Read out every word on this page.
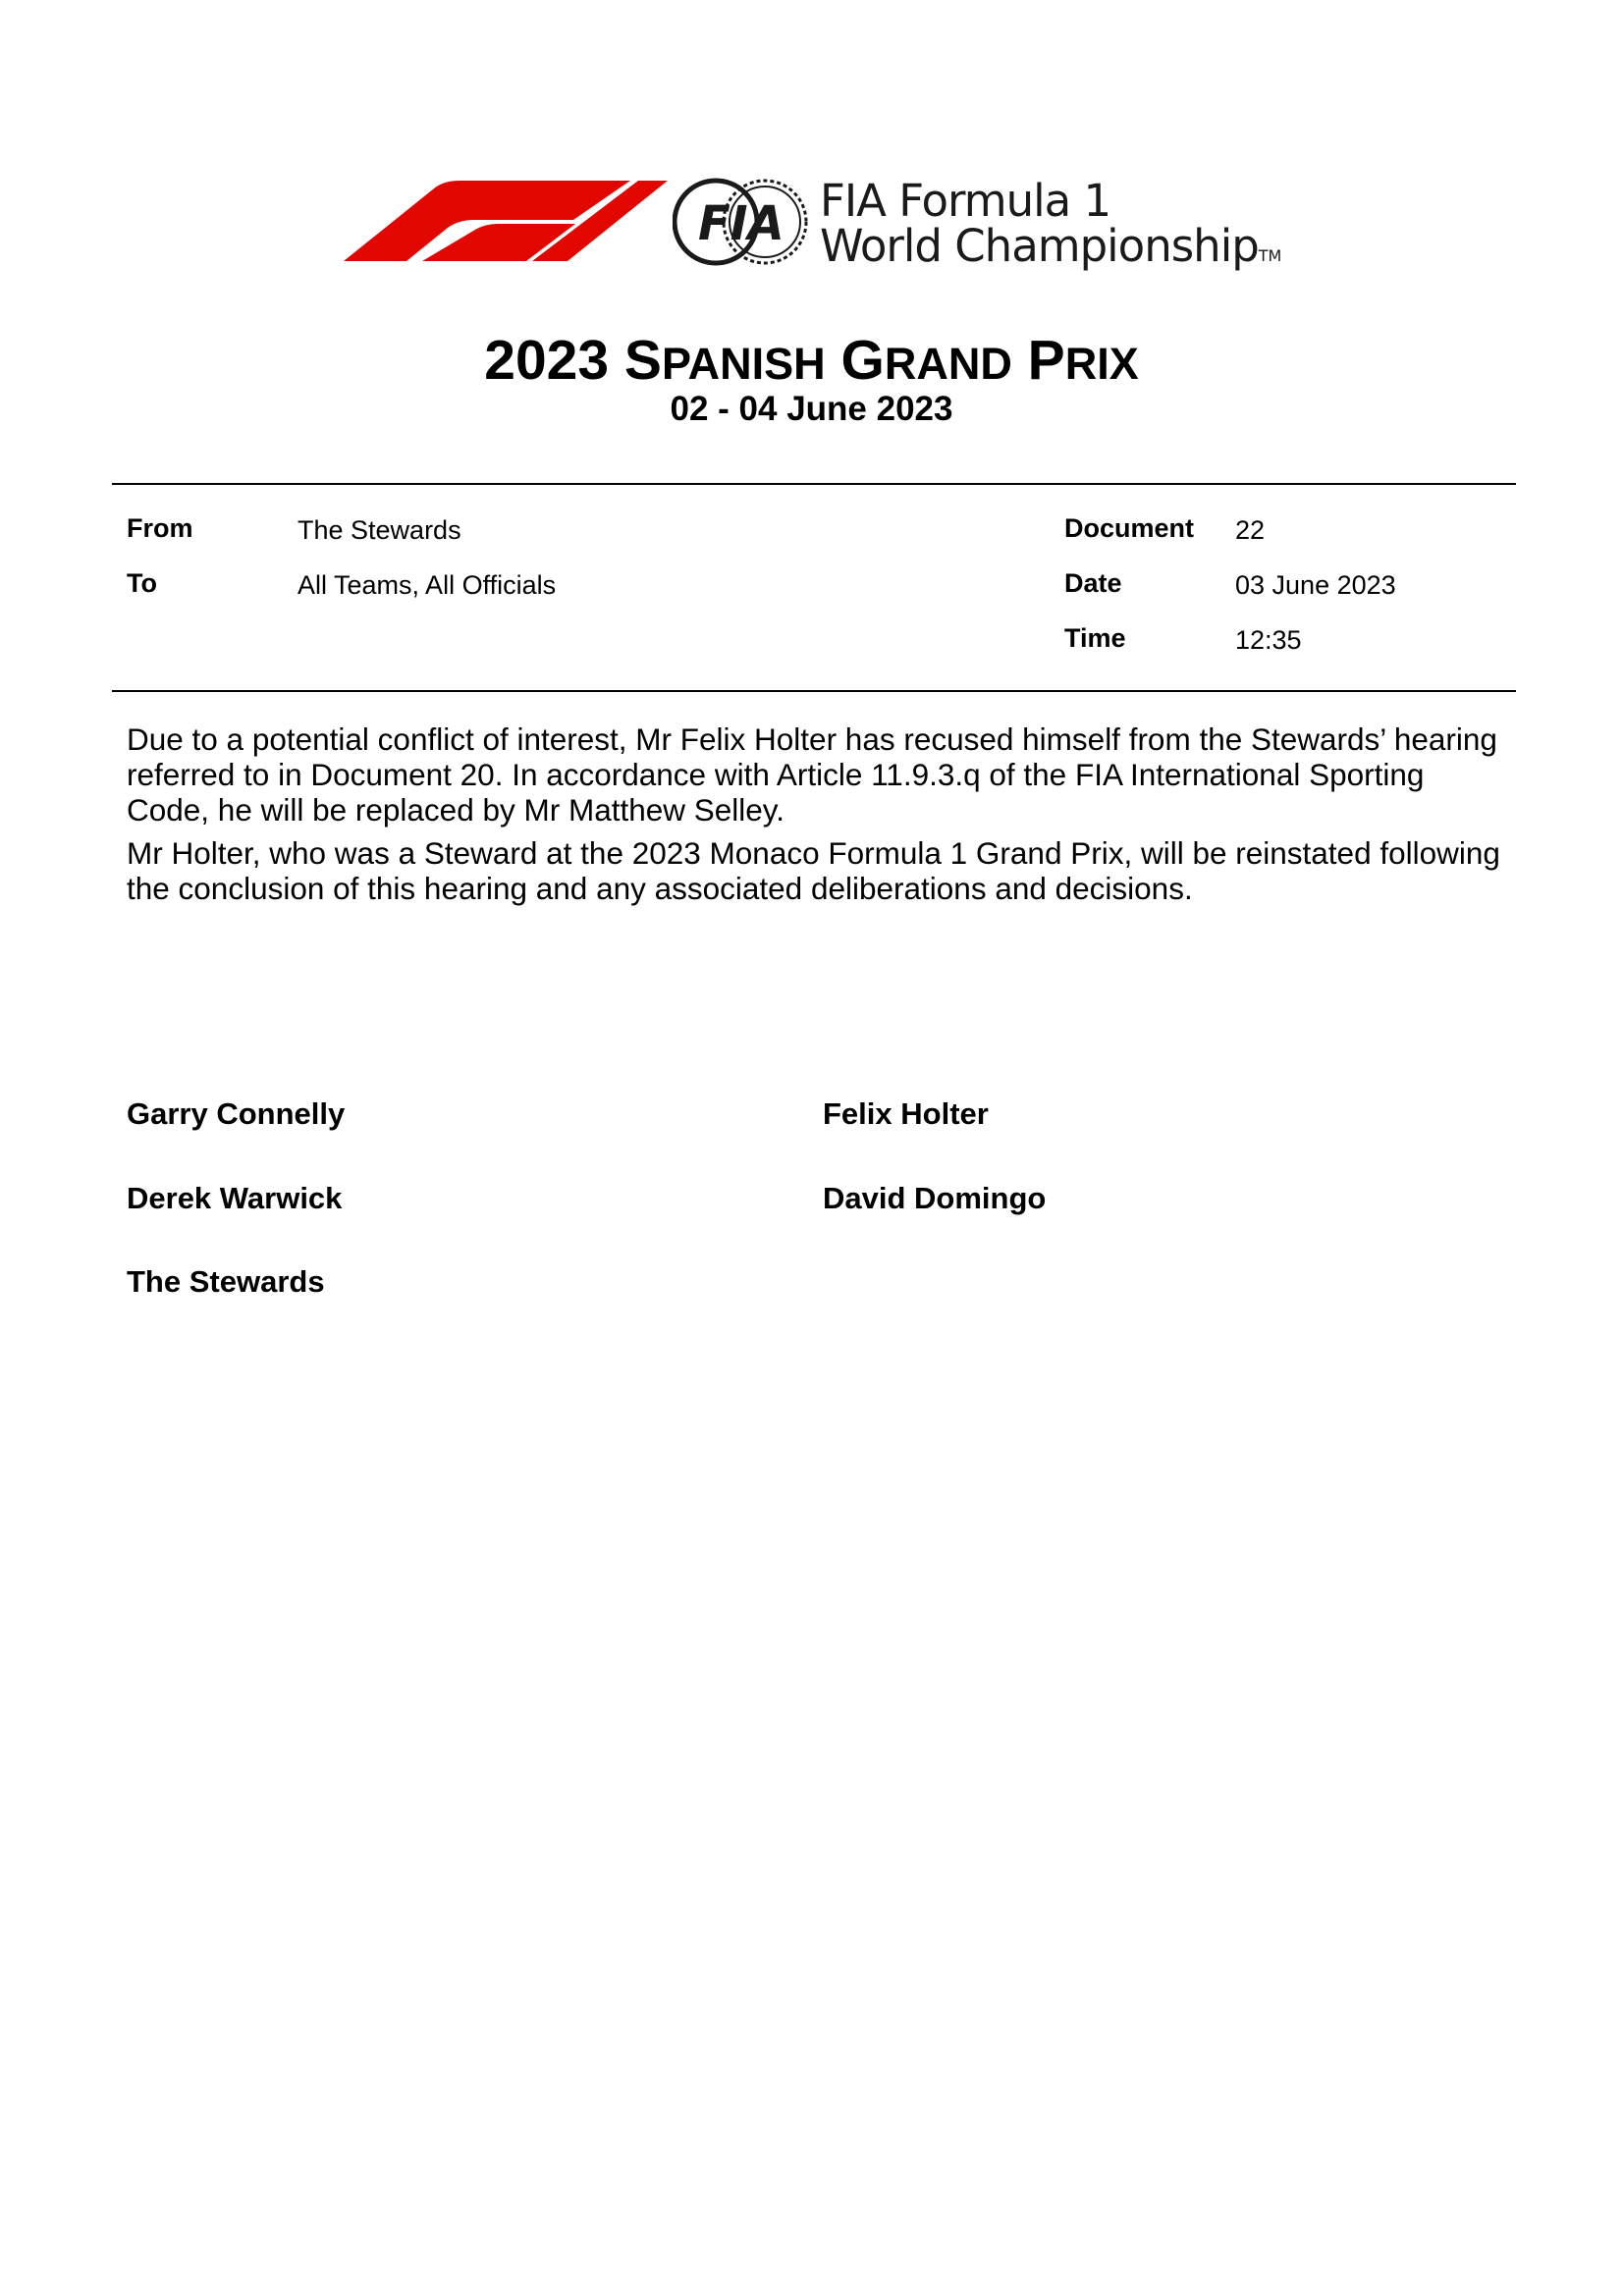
FIA FIA Formula 1
World ChampionshipTM
2023 SPANISH GRAND PRIX
02 - 04 June 2023
From	The Stewards
To	All Teams, All Officials
Document 22
Date	03 June 2023
Time	12:35
Due to a potential conflict of interest, Mr Felix Holter has recused himself from the Stewards’ hearing
referred to in Document 20. In accordance with Article 11.9.3.q of the FIA International Sporting
Code, he will be replaced by Mr Matthew Selley.
Mr Holter, who was a Steward at the 2023 Monaco Formula 1 Grand Prix, will be reinstated following
the conclusion of this hearing and any associated deliberations and decisions.
Garry Connelly	Felix Holter
Derek Warwick	David Domingo
The Stewards
